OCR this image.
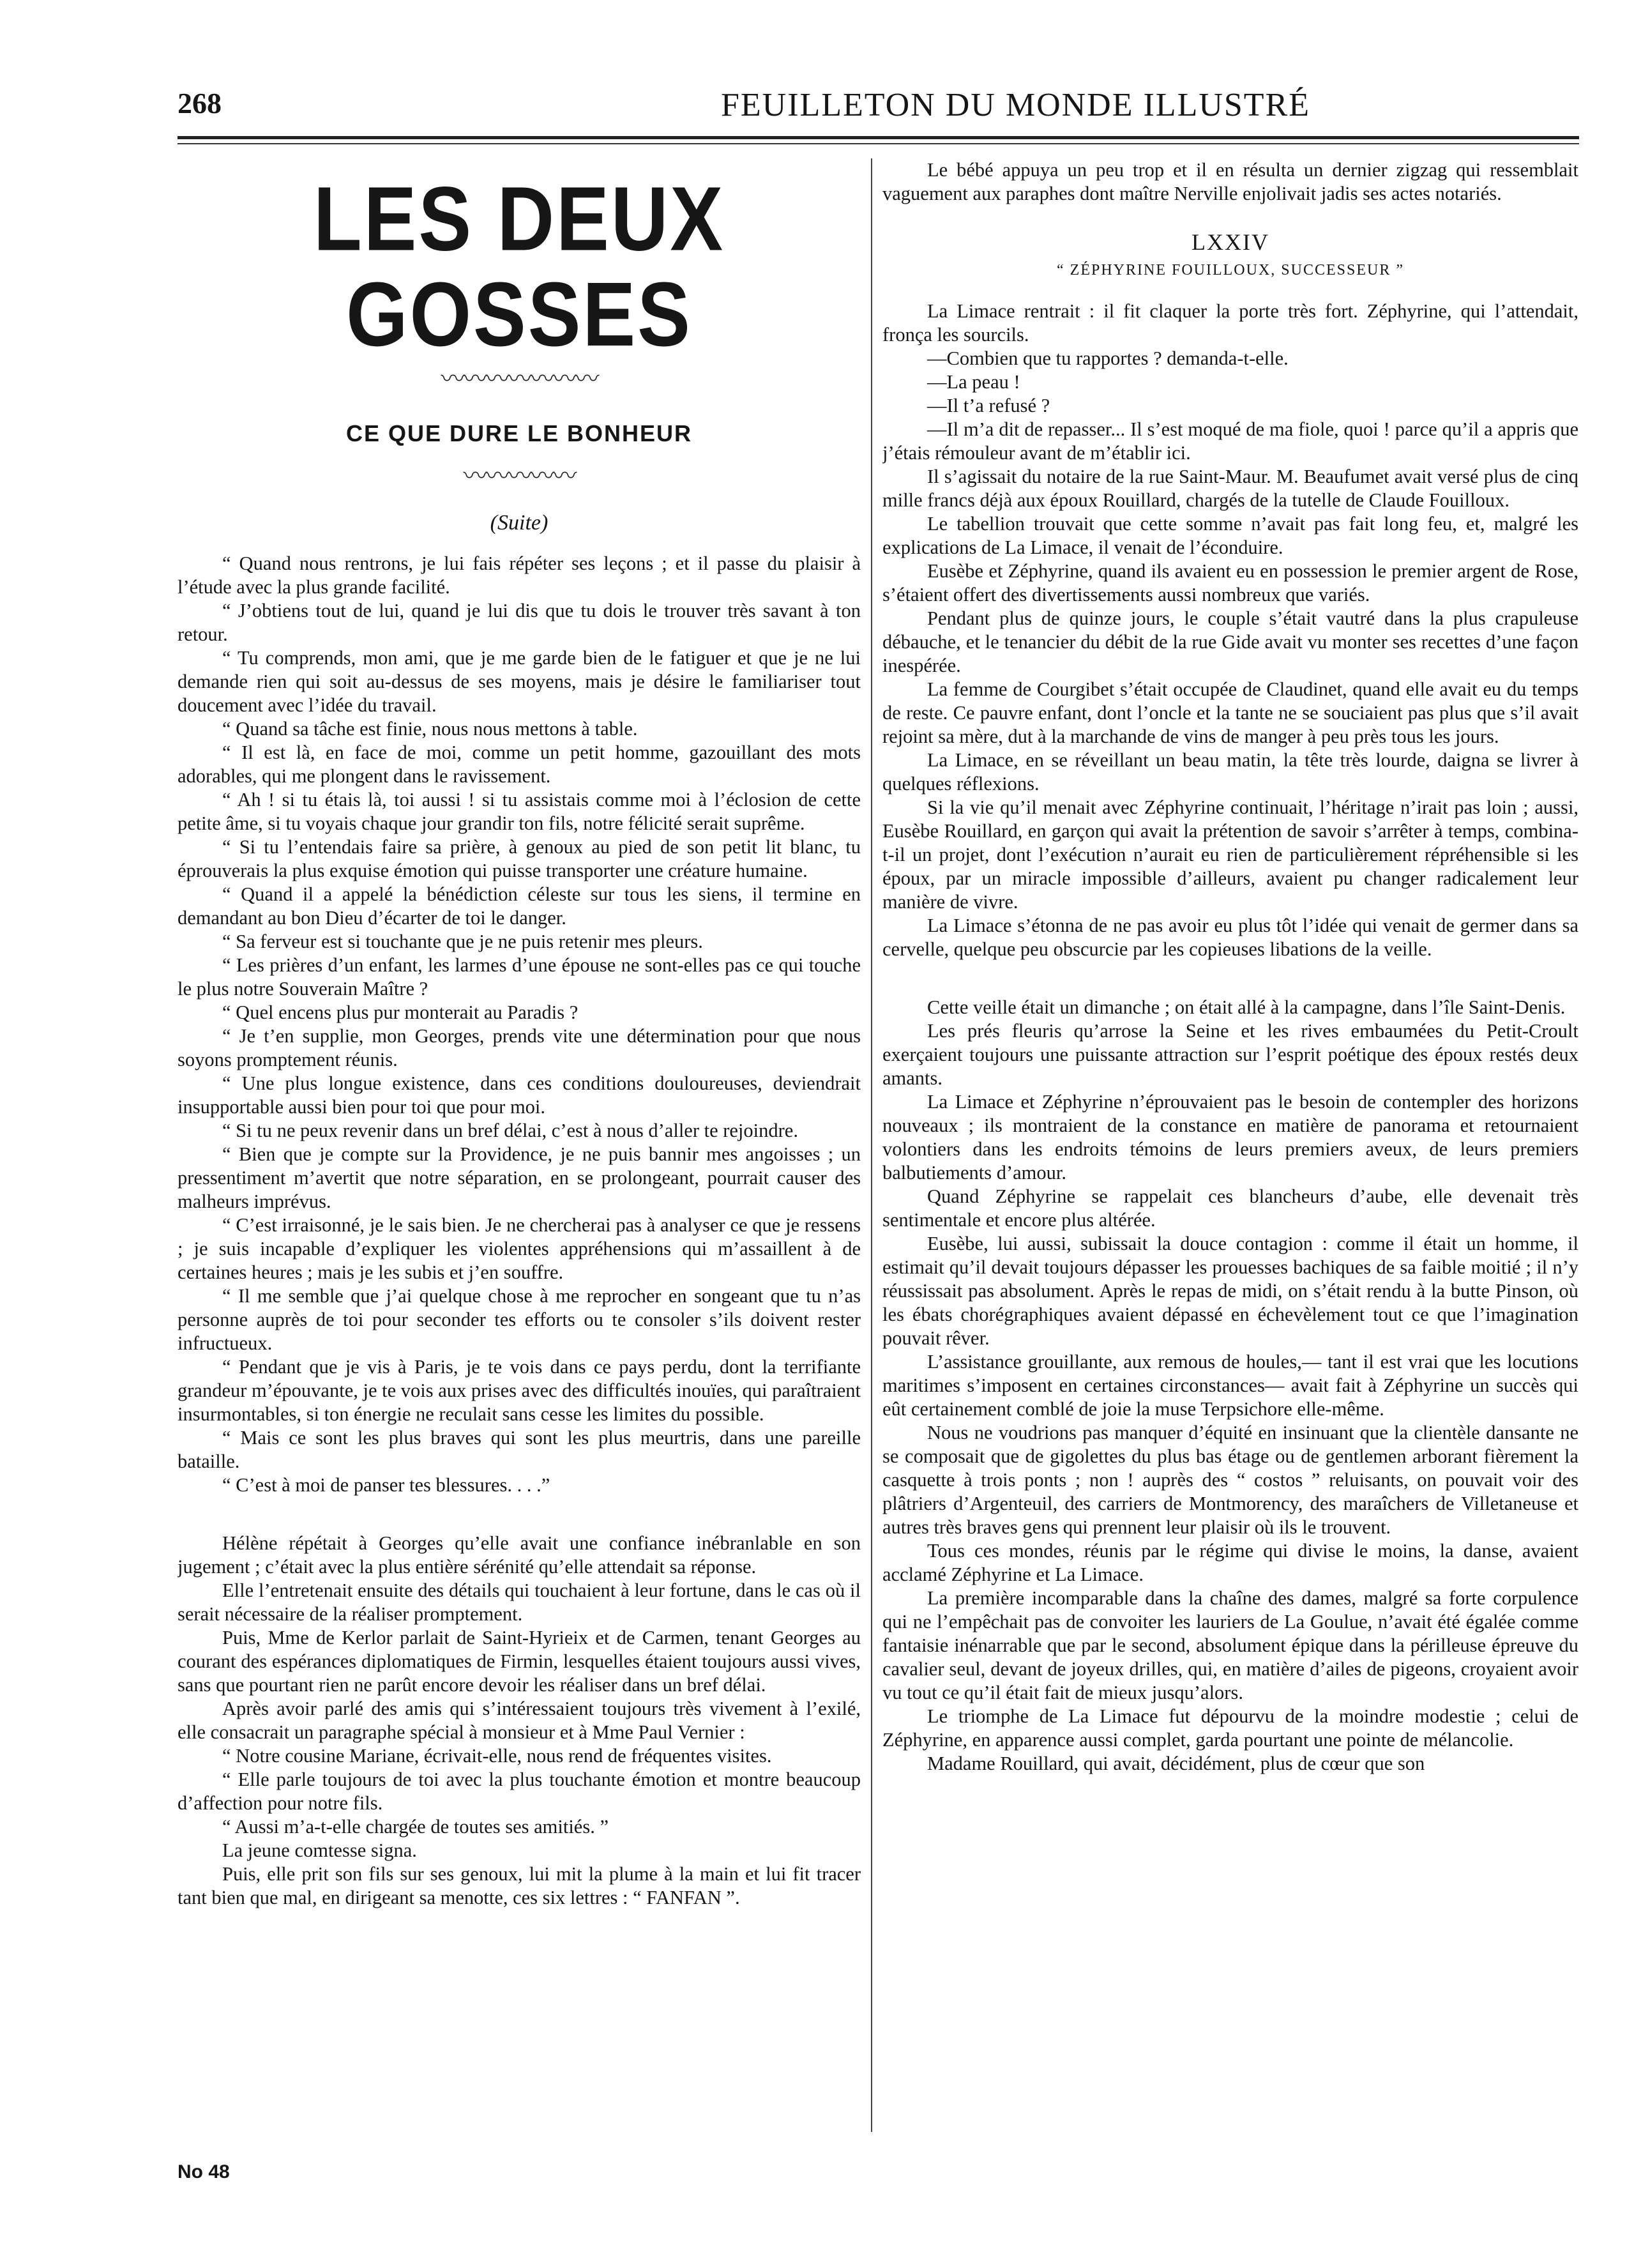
268	FEUILLETON DU MONDE ILLUSTRÉ
LES DEUX GOSSES
〰〰〰〰〰〰〰
CE QUE DURE LE BONHEUR
〰〰〰〰〰
(Suite)

“ Quand nous rentrons, je lui fais répéter ses leçons ; et il passe du plaisir à l’étude avec la plus grande facilité.

“ J’obtiens tout de lui, quand je lui dis que tu dois le trouver très savant à ton retour.

“ Tu comprends, mon ami, que je me garde bien de le fatiguer et que je ne lui demande rien qui soit au-dessus de ses moyens, mais je désire le familiariser tout doucement avec l’idée du travail.

“ Quand sa tâche est finie, nous nous mettons à table.

“ Il est là, en face de moi, comme un petit homme, gazouillant des mots adorables, qui me plongent dans le ravissement.

“ Ah ! si tu étais là, toi aussi ! si tu assistais comme moi à l’éclosion de cette petite âme, si tu voyais chaque jour grandir ton fils, notre félicité serait suprême.

“ Si tu l’entendais faire sa prière, à genoux au pied de son petit lit blanc, tu éprouverais la plus exquise émotion qui puisse transporter une créature humaine.

“ Quand il a appelé la bénédiction céleste sur tous les siens, il termine en demandant au bon Dieu d’écarter de toi le danger.

“ Sa ferveur est si touchante que je ne puis retenir mes pleurs.

“ Les prières d’un enfant, les larmes d’une épouse ne sont-elles pas ce qui touche le plus notre Souverain Maître ?

“ Quel encens plus pur monterait au Paradis ?

“ Je t’en supplie, mon Georges, prends vite une détermination pour que nous soyons promptement réunis.

“ Une plus longue existence, dans ces conditions douloureuses, deviendrait insupportable aussi bien pour toi que pour moi.

“ Si tu ne peux revenir dans un bref délai, c’est à nous d’aller te rejoindre.

“ Bien que je compte sur la Providence, je ne puis bannir mes angoisses ; un pressentiment m’avertit que notre séparation, en se prolongeant, pourrait causer des malheurs imprévus.

“ C’est irraisonné, je le sais bien. Je ne chercherai pas à analyser ce que je ressens ; je suis incapable d’expliquer les violentes appréhensions qui m’assaillent à de certaines heures ; mais je les subis et j’en souffre.

“ Il me semble que j’ai quelque chose à me reprocher en songeant que tu n’as personne auprès de toi pour seconder tes efforts ou te consoler s’ils doivent rester infructueux.

“ Pendant que je vis à Paris, je te vois dans ce pays perdu, dont la terrifiante grandeur m’épouvante, je te vois aux prises avec des difficultés inouïes, qui paraîtraient insurmontables, si ton énergie ne reculait sans cesse les limites du possible.

“ Mais ce sont les plus braves qui sont les plus meurtris, dans une pareille bataille.

“ C’est à moi de panser tes blessures. . . .”

Hélène répétait à Georges qu’elle avait une confiance inébranlable en son jugement ; c’était avec la plus entière sérénité qu’elle attendait sa réponse.

Elle l’entretenait ensuite des détails qui touchaient à leur fortune, dans le cas où il serait nécessaire de la réaliser promptement.

Puis, Mme de Kerlor parlait de Saint-Hyrieix et de Carmen, tenant Georges au courant des espérances diplomatiques de Firmin, lesquelles étaient toujours aussi vives, sans que pourtant rien ne parût encore devoir les réaliser dans un bref délai.

Après avoir parlé des amis qui s’intéressaient toujours très vivement à l’exilé, elle consacrait un paragraphe spécial à monsieur et à Mme Paul Vernier :

“ Notre cousine Mariane, écrivait-elle, nous rend de fréquentes visites.

“ Elle parle toujours de toi avec la plus touchante émotion et montre beaucoup d’affection pour notre fils.

“ Aussi m’a-t-elle chargée de toutes ses amitiés. ”

La jeune comtesse signa.

Puis, elle prit son fils sur ses genoux, lui mit la plume à la main et lui fit tracer tant bien que mal, en dirigeant sa menotte, ces six lettres : “ FANFAN ”.

Le bébé appuya un peu trop et il en résulta un dernier zigzag qui ressemblait vaguement aux paraphes dont maître Nerville enjolivait jadis ses actes notariés.

LXXIV
“ ZÉPHYRINE FOUILLOUX, SUCCESSEUR ”

La Limace rentrait : il fit claquer la porte très fort. Zéphyrine, qui l’attendait, fronça les sourcils.

—Combien que tu rapportes ? demanda-t-elle.

—La peau !

—Il t’a refusé ?

—Il m’a dit de repasser... Il s’est moqué de ma fiole, quoi ! parce qu’il a appris que j’étais rémouleur avant de m’établir ici.

Il s’agissait du notaire de la rue Saint-Maur. M. Beaufumet avait versé plus de cinq mille francs déjà aux époux Rouillard, chargés de la tutelle de Claude Fouilloux.

Le tabellion trouvait que cette somme n’avait pas fait long feu, et, malgré les explications de La Limace, il venait de l’éconduire.

Eusèbe et Zéphyrine, quand ils avaient eu en possession le premier argent de Rose, s’étaient offert des divertissements aussi nombreux que variés.

Pendant plus de quinze jours, le couple s’était vautré dans la plus crapuleuse débauche, et le tenancier du débit de la rue Gide avait vu monter ses recettes d’une façon inespérée.

La femme de Courgibet s’était occupée de Claudinet, quand elle avait eu du temps de reste. Ce pauvre enfant, dont l’oncle et la tante ne se souciaient pas plus que s’il avait rejoint sa mère, dut à la marchande de vins de manger à peu près tous les jours.

La Limace, en se réveillant un beau matin, la tête très lourde, daigna se livrer à quelques réflexions.

Si la vie qu’il menait avec Zéphyrine continuait, l’héritage n’irait pas loin ; aussi, Eusèbe Rouillard, en garçon qui avait la prétention de savoir s’arrêter à temps, combina-t-il un projet, dont l’exécution n’aurait eu rien de particulièrement répréhensible si les époux, par un miracle impossible d’ailleurs, avaient pu changer radicalement leur manière de vivre.

La Limace s’étonna de ne pas avoir eu plus tôt l’idée qui venait de germer dans sa cervelle, quelque peu obscurcie par les copieuses libations de la veille.

Cette veille était un dimanche ; on était allé à la campagne, dans l’île Saint-Denis.

Les prés fleuris qu’arrose la Seine et les rives embaumées du Petit-Croult exerçaient toujours une puissante attraction sur l’esprit poétique des époux restés deux amants.

La Limace et Zéphyrine n’éprouvaient pas le besoin de contempler des horizons nouveaux ; ils montraient de la constance en matière de panorama et retournaient volontiers dans les endroits témoins de leurs premiers aveux, de leurs premiers balbutiements d’amour.

Quand Zéphyrine se rappelait ces blancheurs d’aube, elle devenait très sentimentale et encore plus altérée.

Eusèbe, lui aussi, subissait la douce contagion : comme il était un homme, il estimait qu’il devait toujours dépasser les prouesses bachiques de sa faible moitié ; il n’y réussissait pas absolument. Après le repas de midi, on s’était rendu à la butte Pinson, où les ébats chorégraphiques avaient dépassé en échevèlement tout ce que l’imagination pouvait rêver.

L’assistance grouillante, aux remous de houles,— tant il est vrai que les locutions maritimes s’imposent en certaines circonstances— avait fait à Zéphyrine un succès qui eût certainement comblé de joie la muse Terpsichore elle-même.

Nous ne voudrions pas manquer d’équité en insinuant que la clientèle dansante ne se composait que de gigolettes du plus bas étage ou de gentlemen arborant fièrement la casquette à trois ponts ; non ! auprès des “ costos ” reluisants, on pouvait voir des plâtriers d’Argenteuil, des carriers de Montmorency, des maraîchers de Villetaneuse et autres très braves gens qui prennent leur plaisir où ils le trouvent.

Tous ces mondes, réunis par le régime qui divise le moins, la danse, avaient acclamé Zéphyrine et La Limace.

La première incomparable dans la chaîne des dames, malgré sa forte corpulence qui ne l’empêchait pas de convoiter les lauriers de La Goulue, n’avait été égalée comme fantaisie inénarrable que par le second, absolument épique dans la périlleuse épreuve du cavalier seul, devant de joyeux drilles, qui, en matière d’ailes de pigeons, croyaient avoir vu tout ce qu’il était fait de mieux jusqu’alors.

Le triomphe de La Limace fut dépourvu de la moindre modestie ; celui de Zéphyrine, en apparence aussi complet, garda pourtant une pointe de mélancolie.

Madame Rouillard, qui avait, décidément, plus de cœur que son

No 48
